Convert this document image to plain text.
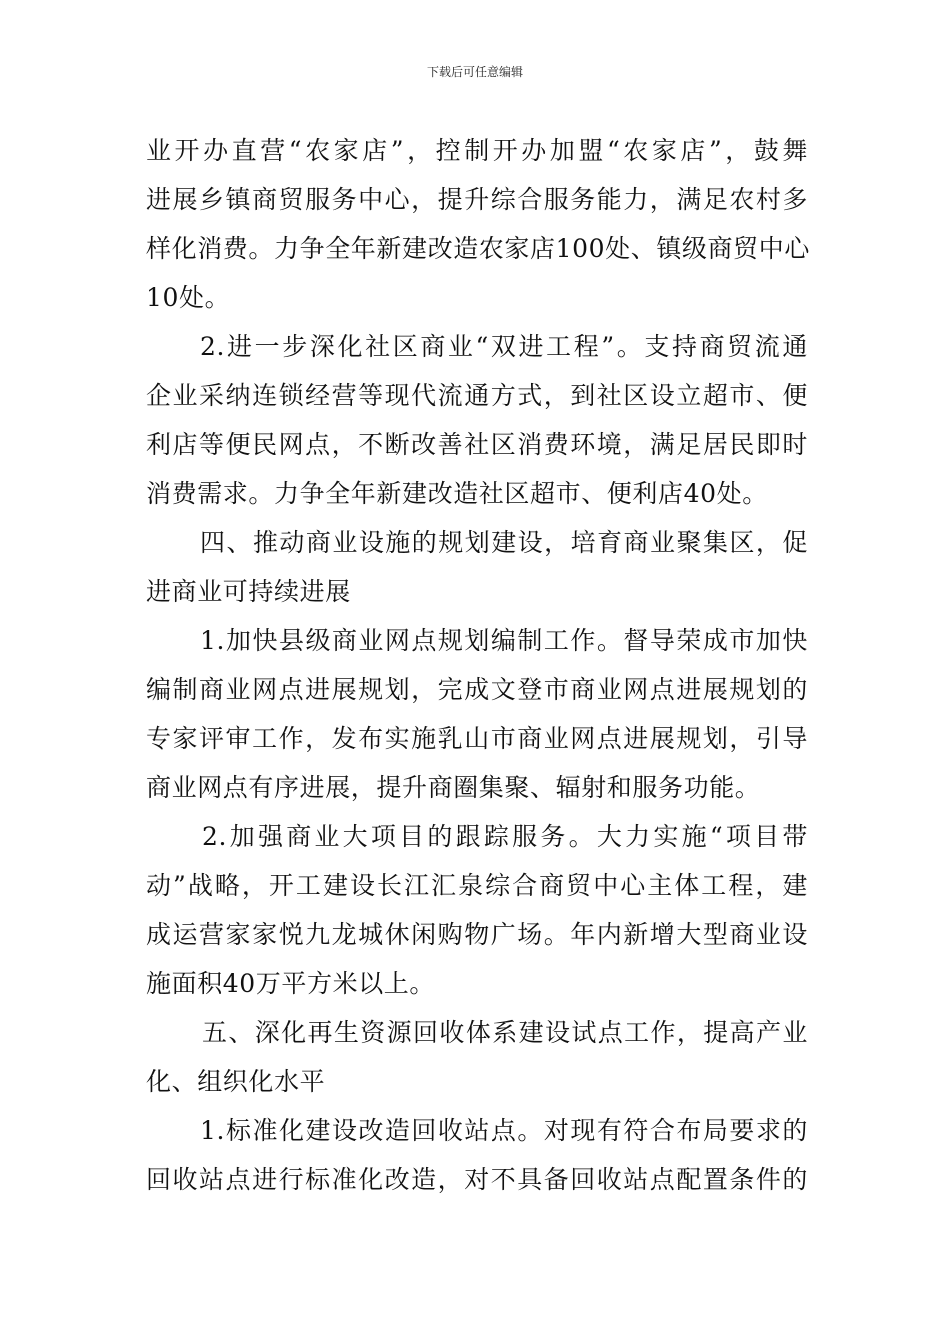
下载后可任意编辑
业开办直营“农家店”，控制开办加盟“农家店”，鼓舞
进展乡镇商贸服务中心，提升综合服务能力，满足农村多
样化消费。力争全年新建改造农家店100处、镇级商贸中心
10处。
2.进一步深化社区商业“双进工程”。支持商贸流通
企业采纳连锁经营等现代流通方式，到社区设立超市、便
利店等便民网点，不断改善社区消费环境，满足居民即时
消费需求。力争全年新建改造社区超市、便利店40处。
四、推动商业设施的规划建设，培育商业聚集区，促
进商业可持续进展
1.加快县级商业网点规划编制工作。督导荣成市加快
编制商业网点进展规划，完成文登市商业网点进展规划的
专家评审工作，发布实施乳山市商业网点进展规划，引导
商业网点有序进展，提升商圈集聚、辐射和服务功能。
2.加强商业大项目的跟踪服务。大力实施“项目带
动”战略，开工建设长江汇泉综合商贸中心主体工程，建
成运营家家悦九龙城休闲购物广场。年内新增大型商业设
施面积40万平方米以上。
五、深化再生资源回收体系建设试点工作，提高产业
化、组织化水平
1.标准化建设改造回收站点。对现有符合布局要求的
回收站点进行标准化改造，对不具备回收站点配置条件的
